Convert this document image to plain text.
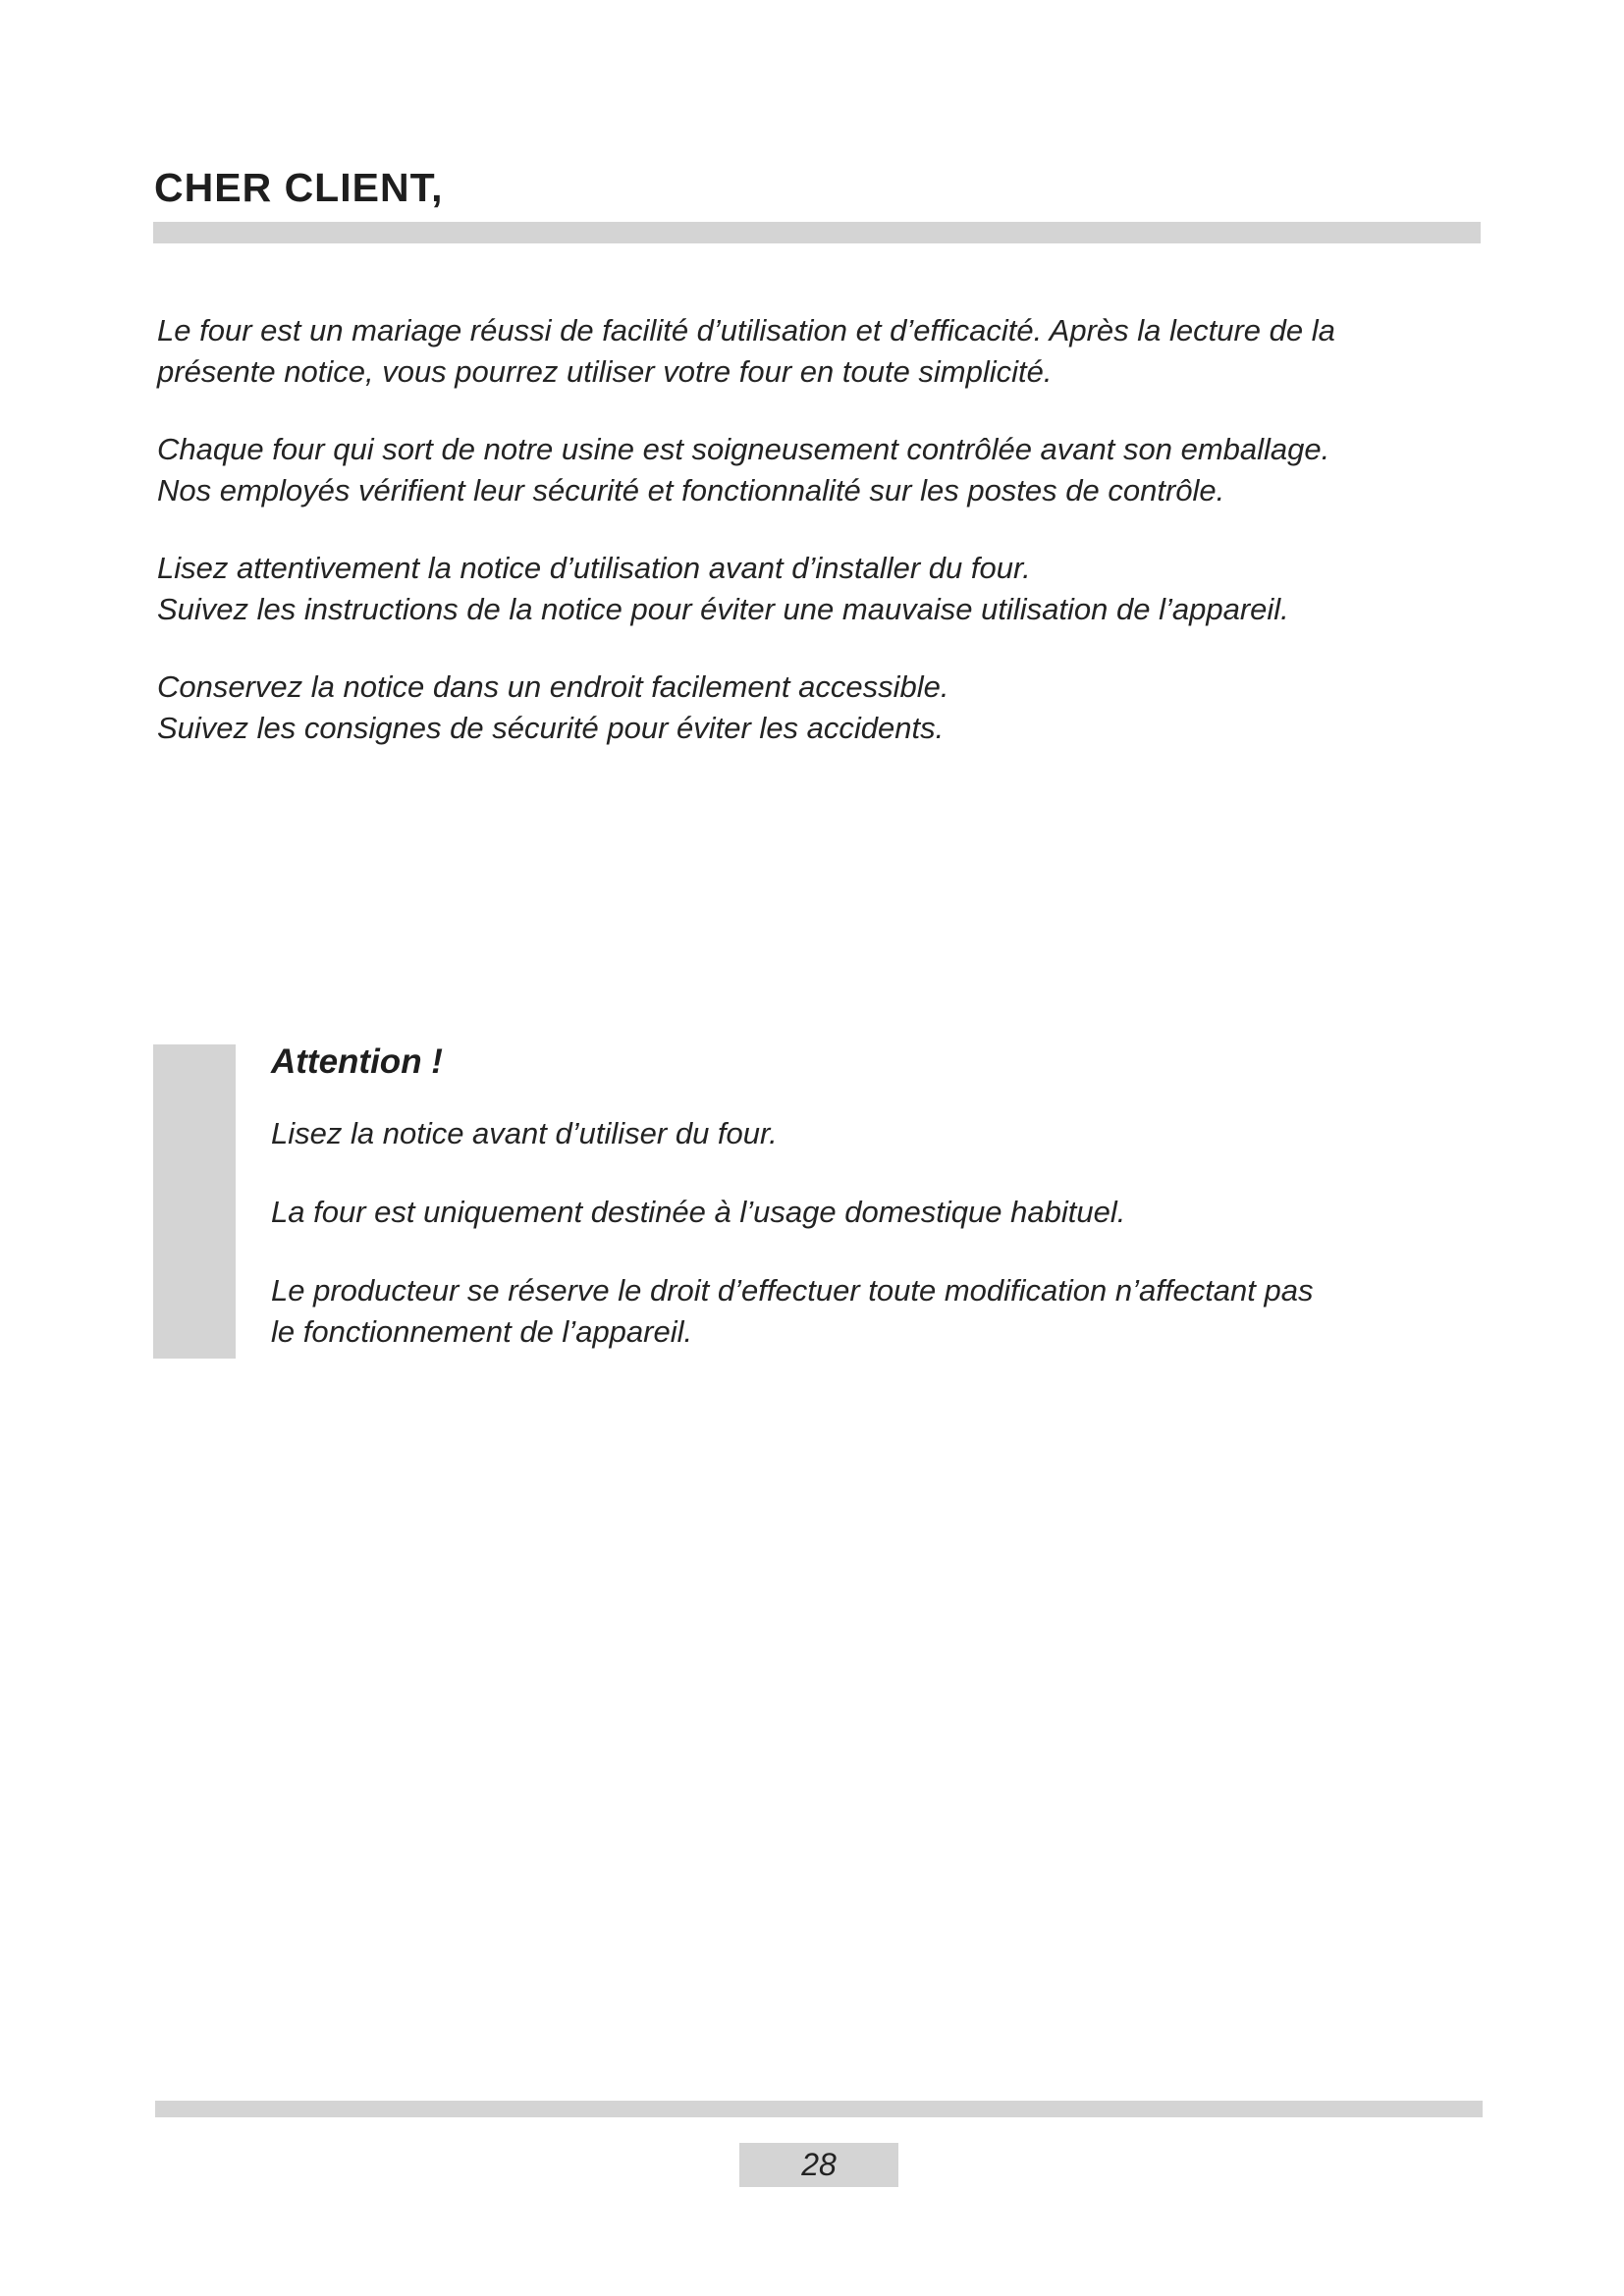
CHER CLIENT,

Le four est un mariage réussi de facilité d’utilisation et d’efficacité. Après la lecture de la
présente notice, vous pourrez utiliser votre four en toute simplicité.

Chaque four qui sort de notre usine est soigneusement contrôlée avant son emballage.
Nos employés vérifient leur sécurité et fonctionnalité sur les postes de contrôle.

Lisez attentivement la notice d’utilisation avant d’installer du four.
Suivez les instructions de la notice pour éviter une mauvaise utilisation de l’appareil.

Conservez la notice dans un endroit facilement accessible.
Suivez les consignes de sécurité pour éviter les accidents.

Attention !

Lisez la notice avant d’utiliser du four.

La four est uniquement destinée à l’usage domestique habituel.

Le producteur se réserve le droit d’effectuer toute modification n’affectant pas
le fonctionnement de l’appareil.

28
